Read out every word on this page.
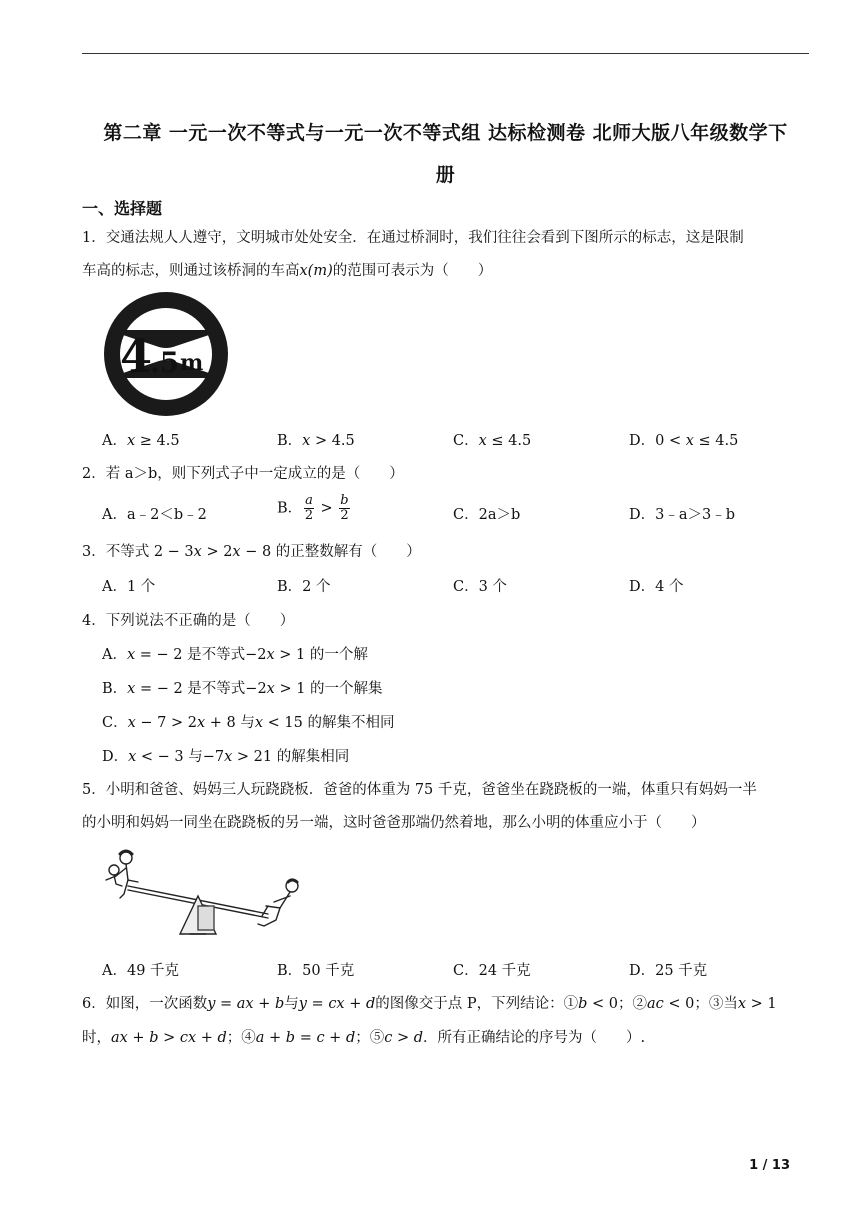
第二章 一元一次不等式与一元一次不等式组 达标检测卷 北师大版八年级数学下
册
一、选择题
1．交通法规人人遵守，文明城市处处安全．在通过桥洞时，我们往往会看到下图所示的标志，这是限制
车高的标志，则通过该桥洞的车高x(m)的范围可表示为（　　）
4
.5 m
A．𝑥 ≥ 4.5	B．𝑥 > 4.5	C．𝑥 ≤ 4.5	D．0 < 𝑥 ≤ 4.5
2．若 a＞b，则下列式子中一定成立的是（　　）
A．a﹣2＜b﹣2	B． $\frac{a}{2} > \frac{b}{2}$	C．2a＞b	D．3﹣a＞3﹣b
3．不等式 2 − 3𝑥 > 2𝑥 − 8 的正整数解有（　　）
A．1 个	B．2 个	C．3 个	D．4 个
4．下列说法不正确的是（　　）
A．𝑥 = − 2 是不等式−2𝑥 > 1 的一个解
B．𝑥 = − 2 是不等式−2𝑥 > 1 的一个解集
C．𝑥 − 7 > 2𝑥 + 8 与𝑥 < 15 的解集不相同
D．𝑥 < − 3 与−7𝑥 > 21 的解集相同
5．小明和爸爸、妈妈三人玩跷跷板．爸爸的体重为 75 千克，爸爸坐在跷跷板的一端，体重只有妈妈一半
的小明和妈妈一同坐在跷跷板的另一端，这时爸爸那端仍然着地，那么小明的体重应小于（　　）
A．49 千克	B．50 千克	C．24 千克	D．25 千克
6．如图，一次函数𝑦 = 𝑎𝑥 + 𝑏与𝑦 = 𝑐𝑥 + 𝑑的图像交于点 P，下列结论：①𝑏 < 0；②𝑎𝑐 < 0；③当𝑥 > 1
时，𝑎𝑥 + 𝑏 > 𝑐𝑥 + 𝑑；④𝑎 + 𝑏 = 𝑐 + 𝑑；⑤𝑐 > 𝑑．所有正确结论的序号为（　　）.
1 / 13
